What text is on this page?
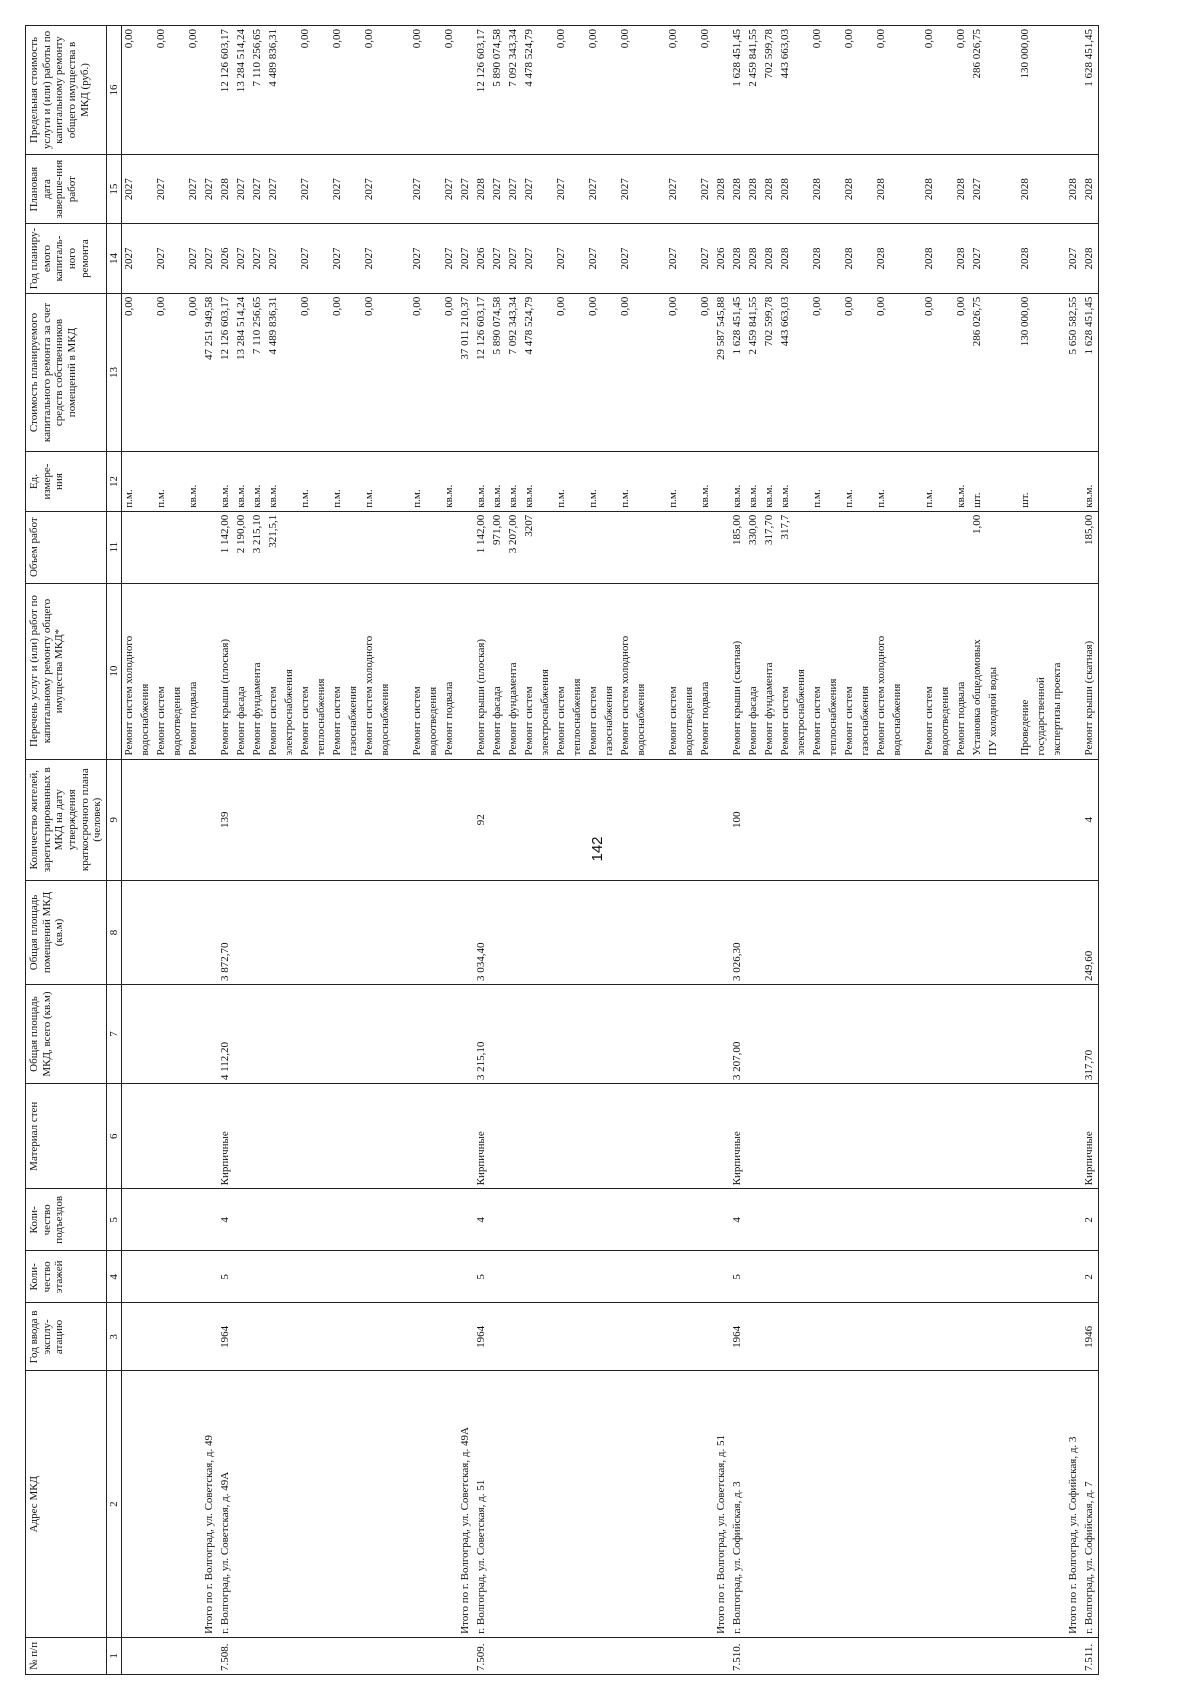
142
№ п/п	Адрес МКД	Год ввода в эксплу-атацию	Коли-чество этажей	Коли-чество подъездов	Материал стен	Общая площадь МКД, всего (кв.м)	Общая площадь помещений МКД (кв.м)	Количество жителей, зарегистрированных в МКД на дату утверждения краткосрочного плана (человек)	Перечень услуг и (или) работ по капитальному ремонту общего имущества МКД*	Объем работ	Ед. измере-ния	Стоимость планируемого капитального ремонта за счет средств собственников помещений в МКД	Год планиру-емого капиталь-ного ремонта	Плановая дата заверше-ния работ	Предельная стоимость услуги и (или) работы по капитальному ремонту общего имущества в МКД (руб.)
1	2	3	4	5	6	7	8	9	10	11	12	13	14	15	16
									Ремонт систем холодного		п.м.	0,00	2027	2027	0,00
									водоснабжения						
									Ремонт систем		п.м.	0,00	2027	2027	0,00
									водоотведения						
									Ремонт подвала		кв.м.	0,00	2027	2027	0,00
	Итого по г. Волгоград, ул. Советская, д. 49											47 251 949,58	2027	2027	
7.508.	г. Волгоград, ул. Советская, д. 49А	1964	5	4	Кирпичные	4 112,20	3 872,70	139	Ремонт крыши (плоская)	1 142,00	кв.м.	12 126 603,17	2026	2028	12 126 603,17
									Ремонт фасада	2 190,00	кв.м.	13 284 514,24	2027	2027	13 284 514,24
									Ремонт фундамента	3 215,10	кв.м.	7 110 256,65	2027	2027	7 110 256,65
									Ремонт систем	321,5,1	кв.м.	4 489 836,31	2027	2027	4 489 836,31
									электроснабжения						
									Ремонт систем		п.м.	0,00	2027	2027	0,00
									теплоснабжения						
									Ремонт систем		п.м.	0,00	2027	2027	0,00
									газоснабжения						
									Ремонт систем холодного		п.м.	0,00	2027	2027	0,00
									водоснабжения						

									Ремонт систем		п.м.	0,00	2027	2027	0,00
									водоотведения						
									Ремонт подвала		кв.м.	0,00	2027	2027	0,00
	Итого по г. Волгоград, ул. Советская, д. 49А											37 011 210,37	2027	2027	
7.509.	г. Волгоград, ул. Советская, д. 51	1964	5	4	Кирпичные	3 215,10	3 034,40	92	Ремонт крыши (плоская)	1 142,00	кв.м.	12 126 603,17	2026	2028	12 126 603,17
									Ремонт фасада	971,00	кв.м.	5 890 074,58	2027	2027	5 890 074,58
									Ремонт фундамента	3 207,00	кв.м.	7 092 343,34	2027	2027	7 092 343,34
									Ремонт систем	3207	кв.м.	4 478 524,79	2027	2027	4 478 524,79
									электроснабжения						
									Ремонт систем		п.м.	0,00	2027	2027	0,00
									теплоснабжения						
									Ремонт систем		п.м.	0,00	2027	2027	0,00
									газоснабжения						
									Ремонт систем холодного		п.м.	0,00	2027	2027	0,00
									водоснабжения						

									Ремонт систем		п.м.	0,00	2027	2027	0,00
									водоотведения						
									Ремонт подвала		кв.м.	0,00	2027	2027	0,00
	Итого по г. Волгоград, ул. Советская, д. 51											29 587 545,88	2026	2028	
7.510.	г. Волгоград, ул. Софийская, д. 3	1964	5	4	Кирпичные	3 207,00	3 026,30	100	Ремонт крыши (скатная)	185,00	кв.м.	1 628 451,45	2028	2028	1 628 451,45
									Ремонт фасада	330,00	кв.м.	2 459 841,55	2028	2028	2 459 841,55
									Ремонт фундамента	317,70	кв.м.	702 599,78	2028	2028	702 599,78
									Ремонт систем	317,7	кв.м.	443 663,03	2028	2028	443 663,03
									электроснабжения						
									Ремонт систем		п.м.	0,00	2028	2028	0,00
									теплоснабжения						
									Ремонт систем		п.м.	0,00	2028	2028	0,00
									газоснабжения						
									Ремонт систем холодного		п.м.	0,00	2028	2028	0,00
									водоснабжения						

									Ремонт систем		п.м.	0,00	2028	2028	0,00
									водоотведения						
									Ремонт подвала		кв.м.	0,00	2028	2028	0,00
									Установка общедомовых	1,00	шт.	286 026,75	2027	2027	286 026,75
									ПУ холодной воды						

									Проведение		шт.	130 000,00	2028	2028	130 000,00
									государственной						
									экспертизы проекта						
	Итого по г. Волгоград, ул. Софийская, д. 3											5 650 582,55	2027	2028	
7.511.	г. Волгоград, ул. Софийская, д. 7	1946	2	2	Кирпичные	317,70	249,60	4	Ремонт крыши (скатная)	185,00	кв.м.	1 628 451,45	2028	2028	1 628 451,45
